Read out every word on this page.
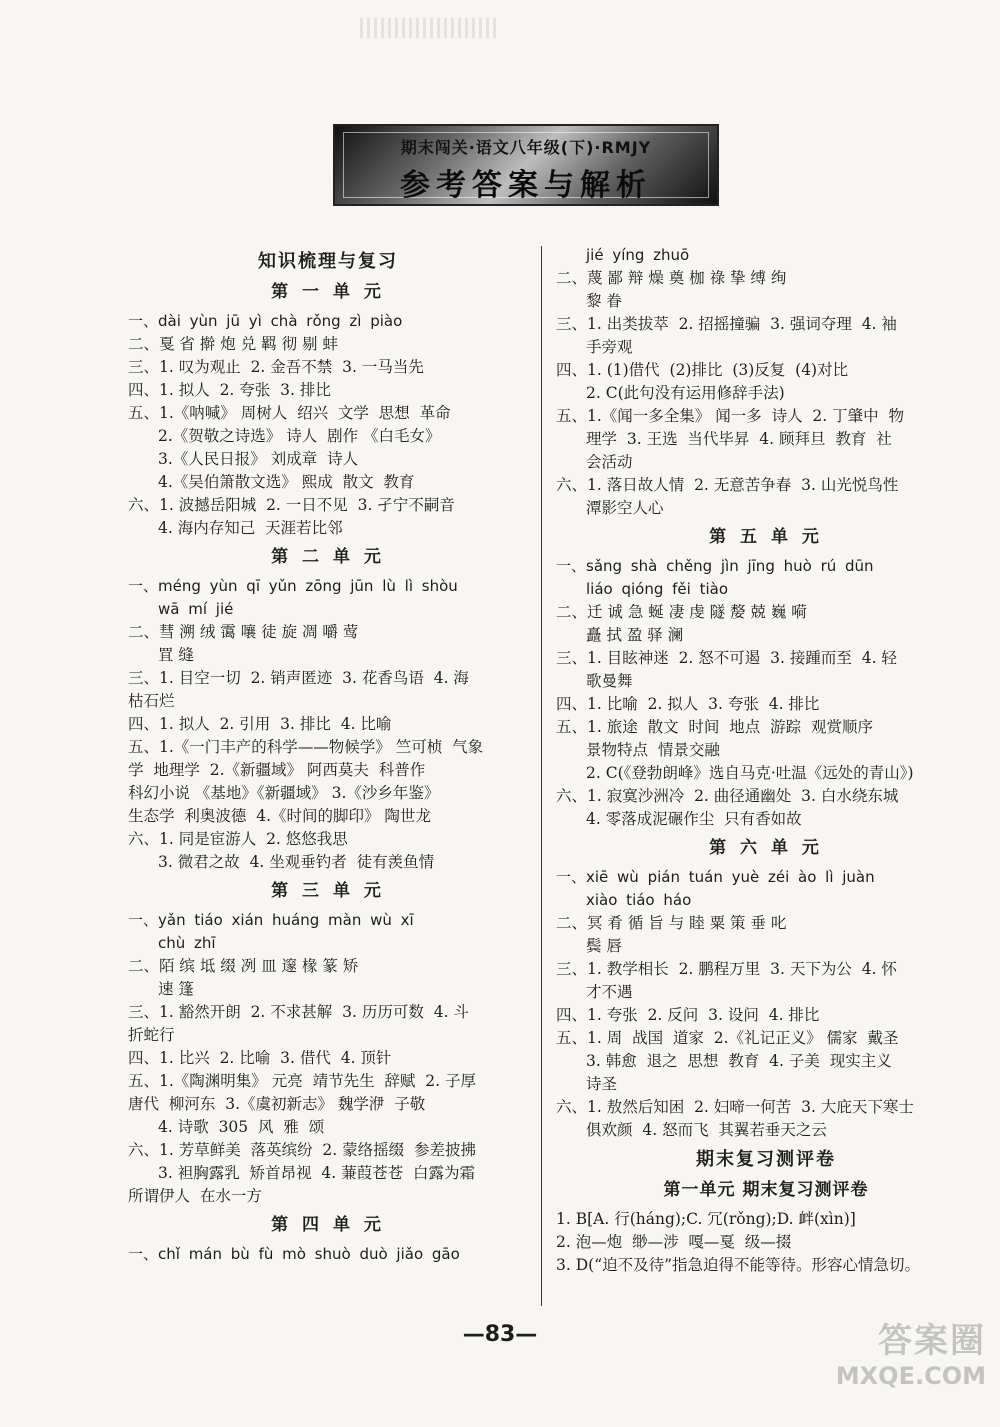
期末闯关·语文八年级(下)·RMJY
参考答案与解析
知识梳理与复习
第 一 单 元
一、dài yùn jū yì chà rǒng zì piào
二、戛 省 擀 炮 兑 羁 彻 剔 蚌
三、1. 叹为观止  2. 金吾不禁  3. 一马当先
四、1. 拟人  2. 夸张  3. 排比
五、1.《呐喊》 周树人  绍兴  文学  思想  革命
2.《贺敬之诗选》 诗人  剧作 《白毛女》
3.《人民日报》 刘成章  诗人
4.《吴伯箫散文选》 熙成  散文  教育
六、1. 波撼岳阳城  2. 一日不见  3. 孑宁不嗣音
4. 海内存知己  天涯若比邻
第 二 单 元
一、méng yùn qī yǔn zōng jūn lù lì shòu
wā mí jié
二、彗 溯 绒 霭 嚷 徒 旋 凋 嚼 莺
罝 缝
三、1. 目空一切  2. 销声匿迹  3. 花香鸟语  4. 海
枯石烂
四、1. 拟人  2. 引用  3. 排比  4. 比喻
五、1.《一门丰产的科学——物候学》 竺可桢  气象
学  地理学  2.《新疆域》 阿西莫夫  科普作
科幻小说 《基地》《新疆域》 3.《沙乡年鉴》
生态学  利奥波德  4.《时间的脚印》 陶世龙
六、1. 同是宦游人  2. 悠悠我思
3. 微君之故  4. 坐观垂钓者  徒有羡鱼情
第 三 单 元
一、yǎn tiáo xián huáng màn wù xī
chù zhī
二、陌 缤 坻 缀 冽 皿 邃 椽 篆 矫
速 篷
三、1. 豁然开朗  2. 不求甚解  3. 历历可数  4. 斗
折蛇行
四、1. 比兴  2. 比喻  3. 借代  4. 顶针
五、1.《陶渊明集》 元亮  靖节先生  辞赋  2. 子厚
唐代  柳河东  3.《虞初新志》 魏学洢  子敬
4. 诗歌  305  风  雅  颂
六、1. 芳草鲜美  落英缤纷  2. 蒙络摇缀  参差披拂
3. 袒胸露乳  矫首昂视  4. 蒹葭苍苍  白露为霜
所谓伊人  在水一方
第 四 单 元
一、chǐ mán bù fù mò shuò duò jiǎo gāo
jié yíng zhuō
二、蔑 鄙 辩 燥 奠 枷 祿 挚 缚 绚
黎 眷
三、1. 出类拔萃  2. 招摇撞骗  3. 强词夺理  4. 袖
手旁观
四、1. (1)借代  (2)排比  (3)反复  (4)对比
2. C(此句没有运用修辞手法)
五、1.《闻一多全集》 闻一多  诗人  2. 丁肇中  物
理学  3. 王选  当代毕昇  4. 顾拜旦  教育  社
会活动
六、1. 落日故人情  2. 无意苦争春  3. 山光悦鸟性
潭影空人心
第 五 单 元
一、sǎng shà chěng jìn jīng huò rú dūn
liáo qióng fěi tiào
二、迁 诚 急 蜒 凄 虔 隧 嫠 兢 巍 嗬
矗 拭 盈 驿 澜
三、1. 目眩神迷  2. 怒不可遏  3. 接踵而至  4. 轻
歌曼舞
四、1. 比喻  2. 拟人  3. 夸张  4. 排比
五、1. 旅途  散文  时间  地点  游踪  观赏顺序
景物特点  情景交融
2. C(《登勃朗峰》选自马克·吐温《远处的青山》)
六、1. 寂寞沙洲冷  2. 曲径通幽处  3. 白水绕东城
4. 零落成泥碾作尘  只有香如故
第 六 单 元
一、xiē wù pián tuán yuè zéi ào lì juàn
xiào tiáo háo
二、冥 肴 循 旨 与 睦 粟 策 垂 叱
鬓 唇
三、1. 教学相长  2. 鹏程万里  3. 天下为公  4. 怀
才不遇
四、1. 夸张  2. 反问  3. 设问  4. 排比
五、1. 周  战国  道家  2.《礼记正义》 儒家  戴圣
3. 韩愈  退之  思想  教育  4. 子美  现实主义
诗圣
六、1. 敖然后知困  2. 妇啼一何苦  3. 大庇天下寒士
俱欢颜  4. 怒而飞  其翼若垂天之云
期末复习测评卷
第一单元 期末复习测评卷
1. B[A. 行(háng);C. 冗(rǒng);D. 衅(xìn)]
2. 泡—炮  缈—涉  嘎—戛  级—掇
3. D(“迫不及待”指急迫得不能等待。形容心情急切。
—83—	答案圈
MXQE.COM
